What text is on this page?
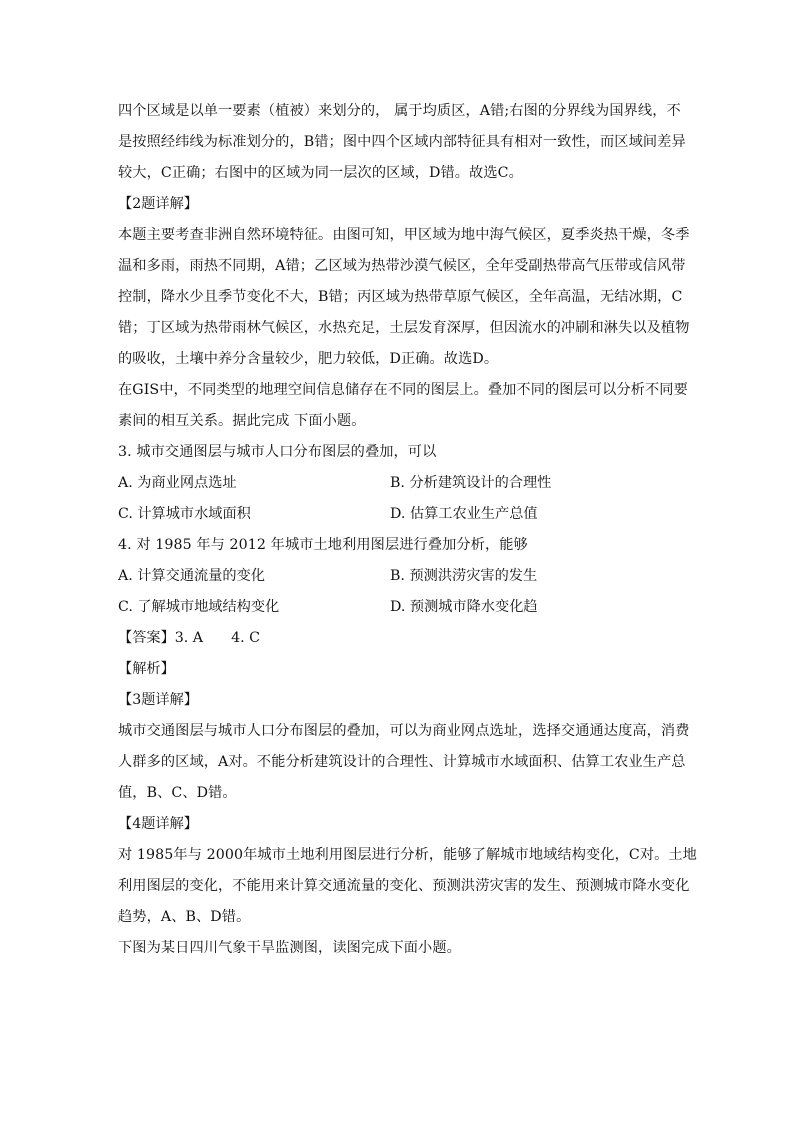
四个区域是以单一要素（植被）来划分的， 属于均质区，A错;右图的分界线为国界线，不
是按照经纬线为标准划分的，B错；图中四个区域内部特征具有相对一致性，而区域间差异
较大，C正确；右图中的区域为同一层次的区域，D错。故选C。
【2题详解】
本题主要考查非洲自然环境特征。由图可知，甲区域为地中海气候区，夏季炎热干燥，冬季
温和多雨，雨热不同期，A错；乙区域为热带沙漠气候区，全年受副热带高气压带或信风带
控制，降水少且季节变化不大，B错；丙区域为热带草原气候区，全年高温，无结冰期，C
错；丁区域为热带雨林气候区，水热充足，土层发育深厚，但因流水的冲刷和淋失以及植物
的吸收，土壤中养分含量较少，肥力较低，D正确。故选D。
在GIS中，不同类型的地理空间信息储存在不同的图层上。叠加不同的图层可以分析不同要
素间的相互关系。据此完成 下面小题。
3. 城市交通图层与城市人口分布图层的叠加，可以
A. 为商业网点选址	B. 分析建筑设计的合理性
C. 计算城市水域面积	D. 估算工农业生产总值
4. 对 1985 年与 2012 年城市土地利用图层进行叠加分析，能够
A. 计算交通流量的变化	B. 预测洪涝灾害的发生
C. 了解城市地域结构变化	D. 预测城市降水变化趋
【答案】3. A 4. C
【解析】
【3题详解】
城市交通图层与城市人口分布图层的叠加，可以为商业网点选址，选择交通通达度高，消费
人群多的区域，A对。不能分析建筑设计的合理性、计算城市水域面积、估算工农业生产总
值，B、C、D错。
【4题详解】
对 1985年与 2000年城市土地利用图层进行分析，能够了解城市地域结构变化，C对。土地
利用图层的变化，不能用来计算交通流量的变化、预测洪涝灾害的发生、预测城市降水变化
趋势，A、B、D错。
下图为某日四川气象干旱监测图，读图完成下面小题。
